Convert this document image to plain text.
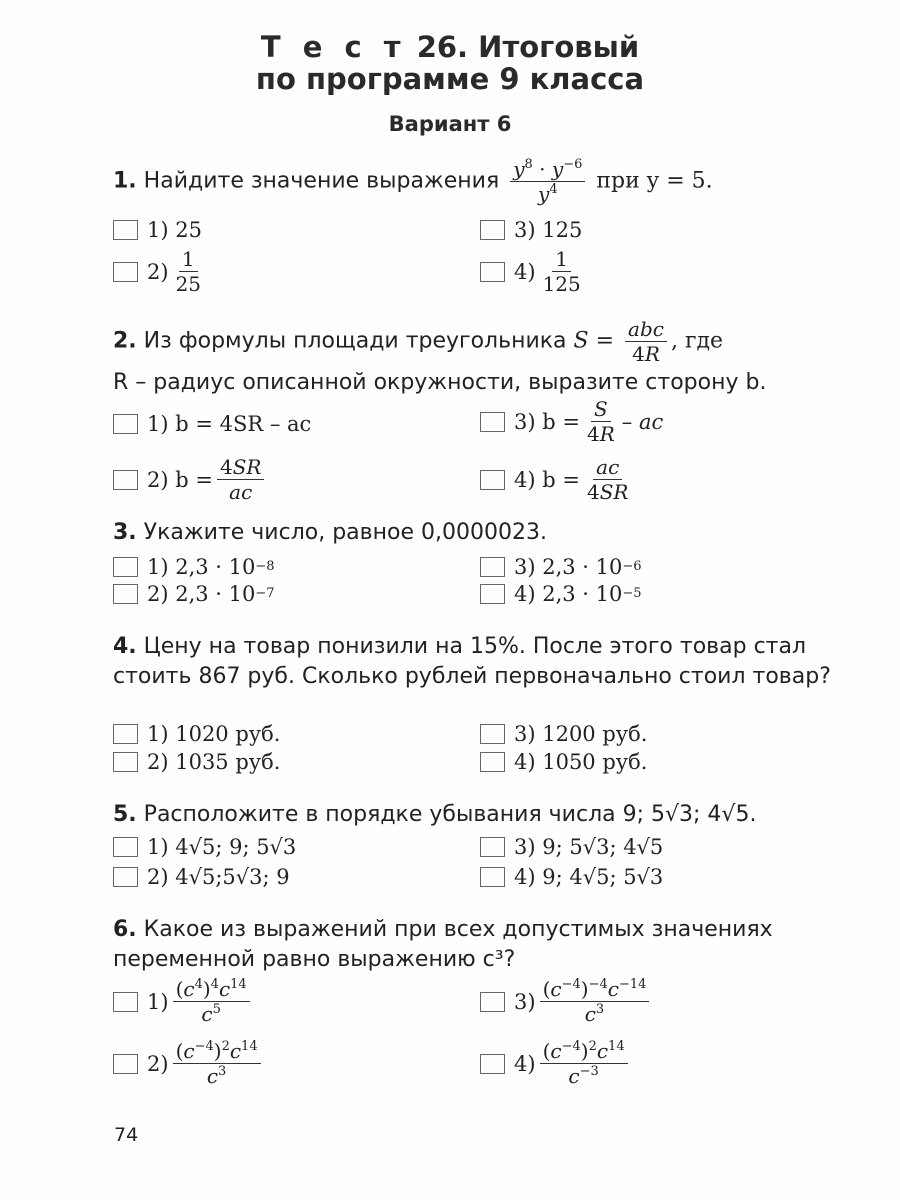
Т е с т 26. Итоговый
по программе 9 класса
Вариант 6
1. Найдите значение выражения $\frac{y^8 \cdot y^{-6}}{y^4}$ при y = 5.
1) 25	3) 125
$2) \frac{1}{25}$	$4) \frac{1}{125}$
2. Из формулы площади треугольника $S = \frac{\text{abc}}{4R}$ , где
R – радиус описанной окружности, выразите сторону b.
1) b = 4SR – ac	3) $b = \frac{S}{4R}$ – ac
2) $b = \frac{4SR}{ac}$	4) $b = \frac{ac}{4SR}$
3. Укажите число, равное 0,0000023.
1) 2,3 · 10 −8	3) 2,3 · 10 −6
2) 2,3 · 10 −7	4) 2,3 · 10 −5
4. Цену на товар понизили на 15%. После этого товар стал стоить 867 руб. Сколько рублей первоначально стоил товар?
1) 1020 руб.	3) 1200 руб.
2) 1035 руб.	4) 1050 руб.
5. Расположите в порядке убывания числа 9; 5√3; 4√5.
1) 4√5; 9; 5√3	3) 9; 5√3; 4√5
2) 4√5;5√3; 9	4) 9; 4√5; 5√3
6. Какое из выражений при всех допустимых значениях переменной равно выражению c³?
$1) \frac{(c^4)^4c^{14}}{c^5}$	$3) \frac{(c^{-4})^{-4}c^{-14}}{c^3}$
$2) \frac{(c^{-4})^2c^{14}}{c^3}$	$4) \frac{(c^{-4})^2c^{14}}{c^{-3}}$
74
